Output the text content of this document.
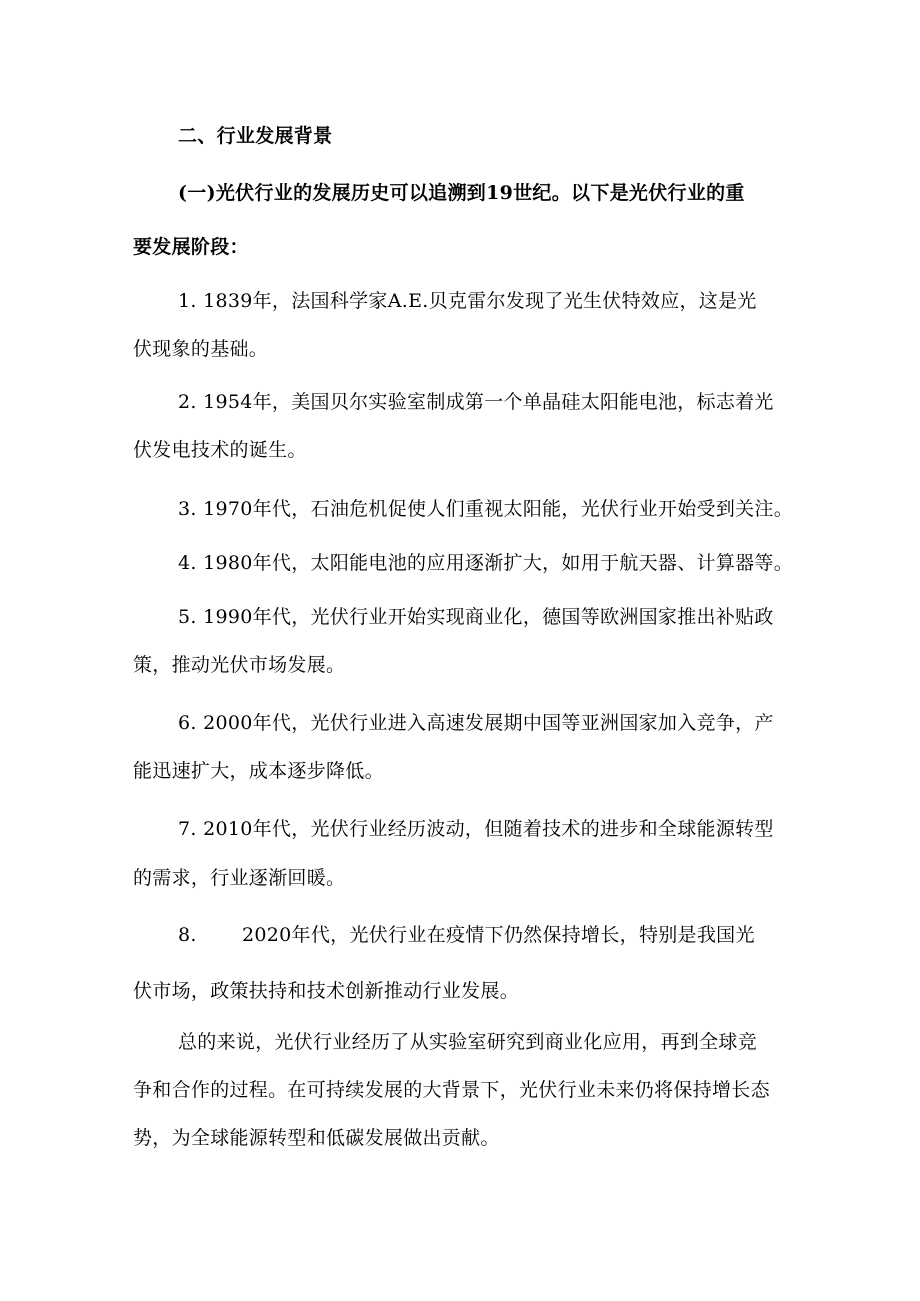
二、行业发展背景
(一)光伏行业的发展历史可以追溯到19世纪。以下是光伏行业的重
要发展阶段：
1. 1839年，法国科学家A.E.贝克雷尔发现了光生伏特效应，这是光
伏现象的基础。
2. 1954年，美国贝尔实验室制成第一个单晶硅太阳能电池，标志着光
伏发电技术的诞生。
3. 1970年代，石油危机促使人们重视太阳能，光伏行业开始受到关注。
4. 1980年代，太阳能电池的应用逐渐扩大，如用于航天器、计算器等。
5. 1990年代，光伏行业开始实现商业化，德国等欧洲国家推出补贴政
策，推动光伏市场发展。
6. 2000年代，光伏行业进入高速发展期中国等亚洲国家加入竞争，产
能迅速扩大，成本逐步降低。
7. 2010年代，光伏行业经历波动，但随着技术的进步和全球能源转型
的需求，行业逐渐回暖。
8. 2020年代，光伏行业在疫情下仍然保持增长，特别是我国光
伏市场，政策扶持和技术创新推动行业发展。
总的来说，光伏行业经历了从实验室研究到商业化应用，再到全球竞
争和合作的过程。在可持续发展的大背景下，光伏行业未来仍将保持增长态
势，为全球能源转型和低碳发展做出贡献。
